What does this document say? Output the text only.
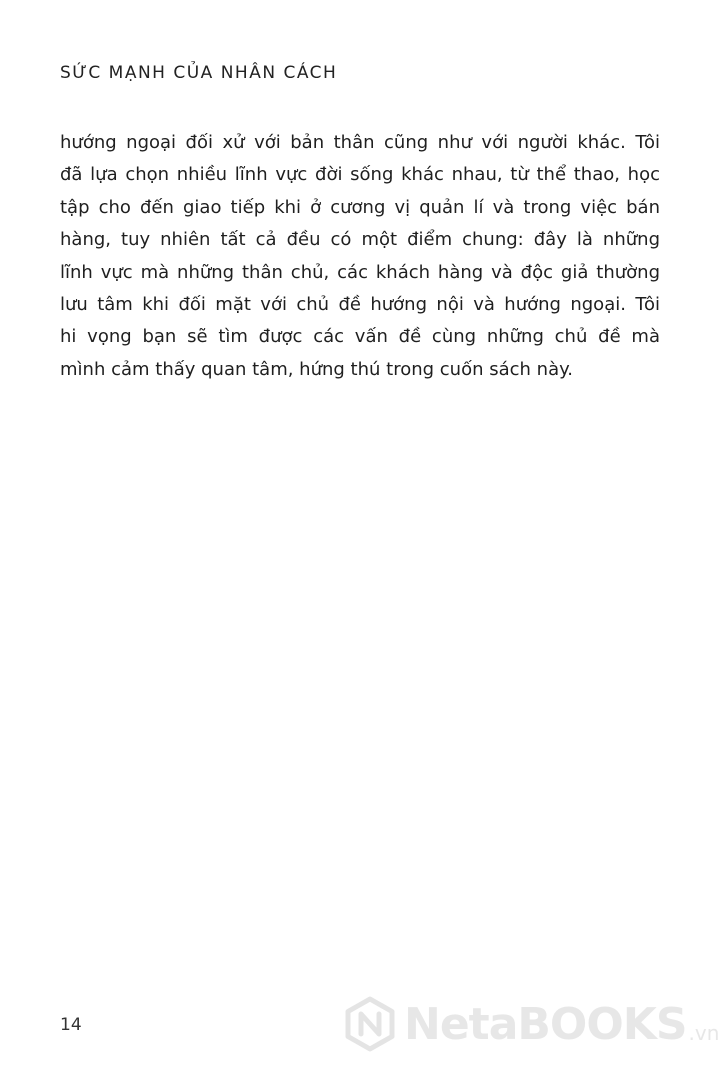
SỨC MẠNH CỦA NHÂN CÁCH
hướng ngoại đối xử với bản thân cũng như với người khác. Tôi
đã lựa chọn nhiều lĩnh vực đời sống khác nhau, từ thể thao, học
tập cho đến giao tiếp khi ở cương vị quản lí và trong việc bán
hàng, tuy nhiên tất cả đều có một điểm chung: đây là những
lĩnh vực mà những thân chủ, các khách hàng và độc giả thường
lưu tâm khi đối mặt với chủ đề hướng nội và hướng ngoại. Tôi
hi vọng bạn sẽ tìm được các vấn đề cùng những chủ đề mà
mình cảm thấy quan tâm, hứng thú trong cuốn sách này.
14	NetaBOOKS .vn
